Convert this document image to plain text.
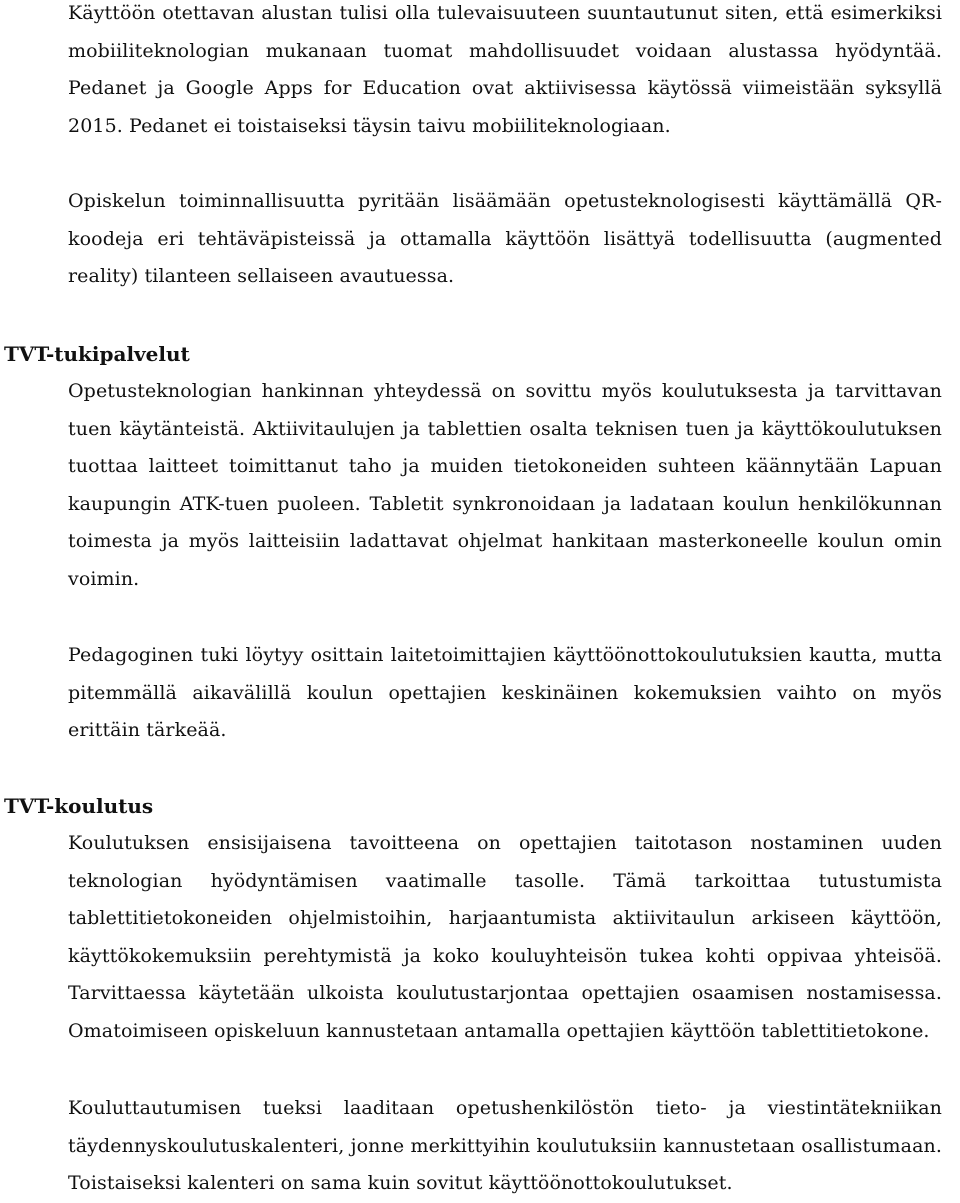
Käyttöön otettavan alustan tulisi olla tulevaisuuteen suuntautunut siten, että esimerkiksi mobiiliteknologian mukanaan tuomat mahdollisuudet voidaan alustassa hyödyntää. Pedanet ja Google Apps for Education ovat aktiivisessa käytössä viimeistään syksyllä 2015. Pedanet ei toistaiseksi täysin taivu mobiiliteknologiaan.

Opiskelun toiminnallisuutta pyritään lisäämään opetusteknologisesti käyttämällä QR-koodeja eri tehtäväpisteissä ja ottamalla käyttöön lisättyä todellisuutta (augmented reality) tilanteen sellaiseen avautuessa.

TVT-tukipalvelut

Opetusteknologian hankinnan yhteydessä on sovittu myös koulutuksesta ja tarvittavan tuen käytänteistä. Aktiivitaulujen ja tablettien osalta teknisen tuen ja käyttökoulutuksen tuottaa laitteet toimittanut taho ja muiden tietokoneiden suhteen käännytään Lapuan kaupungin ATK-tuen puoleen. Tabletit synkronoidaan ja ladataan koulun henkilökunnan toimesta ja myös laitteisiin ladattavat ohjelmat hankitaan masterkoneelle koulun omin voimin.

Pedagoginen tuki löytyy osittain laitetoimittajien käyttöönottokoulutuksien kautta, mutta pitemmällä aikavälillä koulun opettajien keskinäinen kokemuksien vaihto on myös erittäin tärkeää.

TVT-koulutus

Koulutuksen ensisijaisena tavoitteena on opettajien taitotason nostaminen uuden teknologian hyödyntämisen vaatimalle tasolle. Tämä tarkoittaa tutustumista tablettitietokoneiden ohjelmistoihin, harjaantumista aktiivitaulun arkiseen käyttöön, käyttökokemuksiin perehtymistä ja koko kouluyhteisön tukea kohti oppivaa yhteisöä. Tarvittaessa käytetään ulkoista koulutustarjontaa opettajien osaamisen nostamisessa. Omatoimiseen opiskeluun kannustetaan antamalla opettajien käyttöön tablettitietokone.

Kouluttautumisen tueksi laaditaan opetushenkilöstön tieto- ja viestintätekniikan täydennyskoulutuskalenteri, jonne merkittyihin koulutuksiin kannustetaan osallistumaan. Toistaiseksi kalenteri on sama kuin sovitut käyttöönottokoulutukset.
